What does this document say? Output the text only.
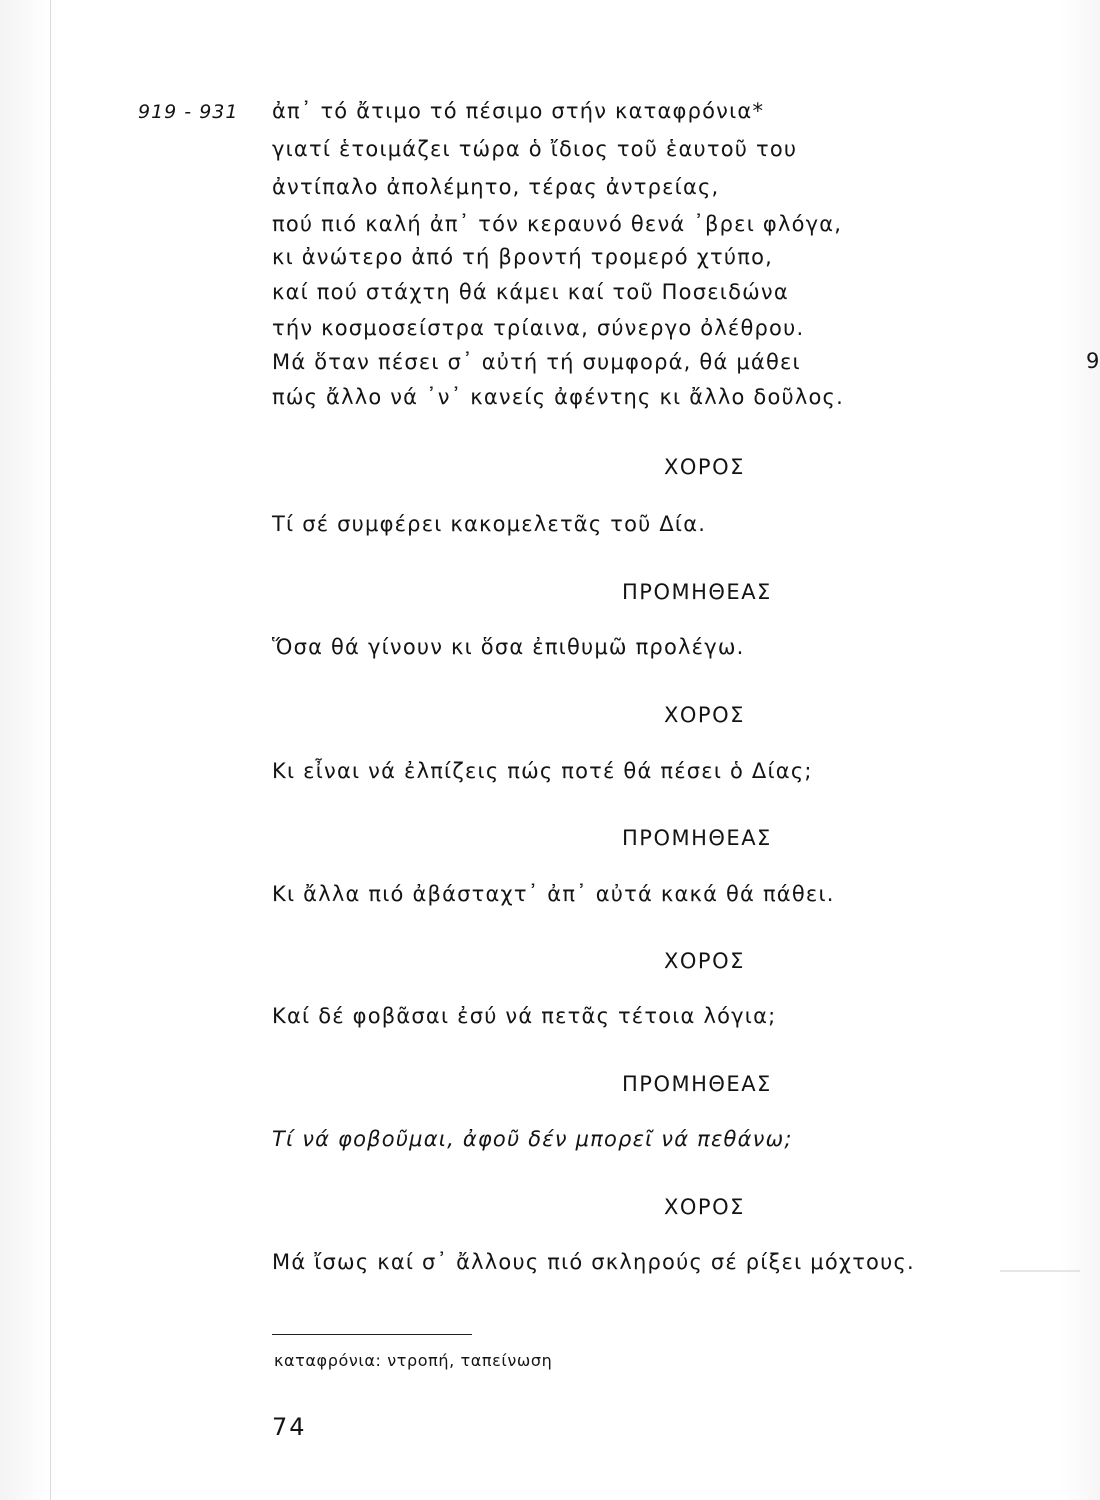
919 - 931
9
ἀπ᾽ τό ἄτιμο τό πέσιμο στήν καταφρόνια*
γιατί ἑτοιμάζει τώρα ὁ ἴδιος τοῦ ἑαυτοῦ του
ἀντίπαλο ἀπολέμητο, τέρας ἀντρείας,
πού πιό καλή ἀπ᾽ τόν κεραυνό θενά ᾽βρει φλόγα,
κι ἀνώτερο ἀπό τή βροντή τρομερό χτύπο,
καί πού στάχτη θά κάμει καί τοῦ Ποσειδώνα
τήν κοσμοσείστρα τρίαινα, σύνεργο ὀλέθρου.
Μά ὅταν πέσει σ᾽ αὐτή τή συμφορά, θά μάθει
πώς ἄλλο νά ᾽ν᾽ κανείς ἀφέντης κι ἄλλο δοῦλος.
ΧΟΡΟΣ
Τί σέ συμφέρει κακομελετᾶς τοῦ Δία.
ΠΡΟΜΗΘΕΑΣ
Ὅσα θά γίνουν κι ὅσα ἐπιθυμῶ προλέγω.
ΧΟΡΟΣ
Κι εἶναι νά ἐλπίζεις πώς ποτέ θά πέσει ὁ Δίας;
ΠΡΟΜΗΘΕΑΣ
Κι ἄλλα πιό ἀβάσταχτ᾽ ἀπ᾽ αὐτά κακά θά πάθει.
ΧΟΡΟΣ
Καί δέ φοβᾶσαι ἐσύ νά πετᾶς τέτοια λόγια;
ΠΡΟΜΗΘΕΑΣ
Τί νά φοβοῦμαι, ἀφοῦ δέν μπορεῖ νά πεθάνω;
ΧΟΡΟΣ
Μά ἴσως καί σ᾽ ἄλλους πιό σκληρούς σέ ρίξει μόχτους.
καταφρόνια: ντροπή, ταπείνωση
74
